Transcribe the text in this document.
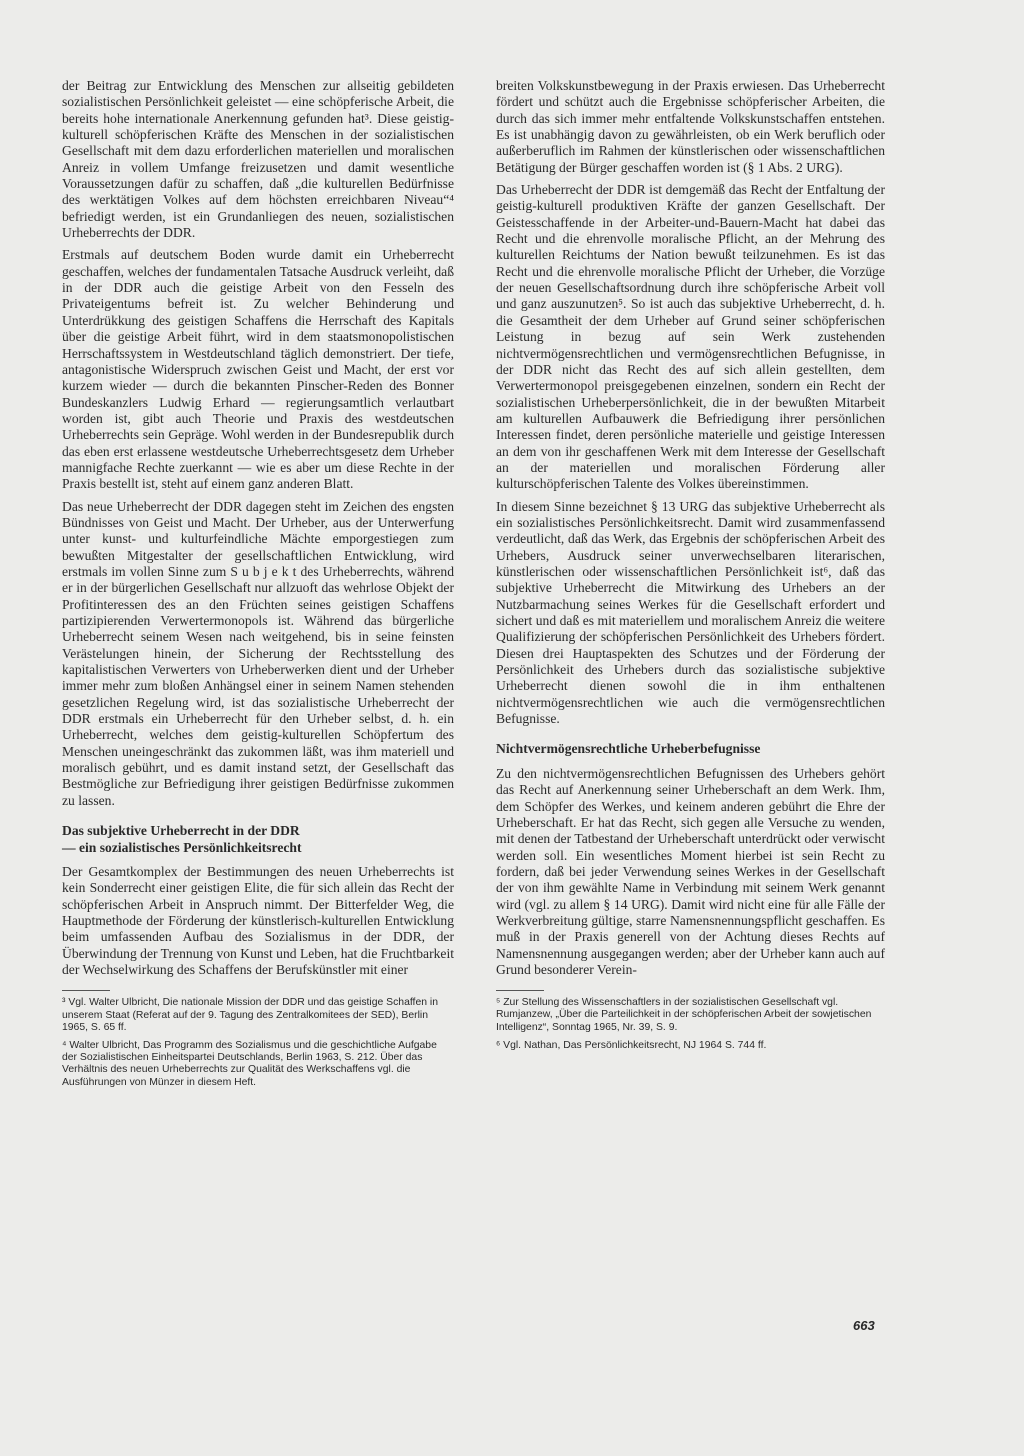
der Beitrag zur Entwicklung des Menschen zur allseitig gebildeten sozialistischen Persönlichkeit geleistet — eine schöpferische Arbeit, die bereits hohe internationale Anerkennung gefunden hat³. Diese geistig-kulturell schöpferischen Kräfte des Menschen in der sozialistischen Gesellschaft mit dem dazu erforderlichen materiellen und moralischen Anreiz in vollem Umfange freizusetzen und damit wesentliche Voraussetzungen dafür zu schaffen, daß „die kulturellen Bedürfnisse des werktätigen Volkes auf dem höchsten erreichbaren Niveau“⁴ befriedigt werden, ist ein Grundanliegen des neuen, sozialistischen Urheberrechts der DDR.

Erstmals auf deutschem Boden wurde damit ein Urheberrecht geschaffen, welches der fundamentalen Tatsache Ausdruck verleiht, daß in der DDR auch die geistige Arbeit von den Fesseln des Privateigentums befreit ist. Zu welcher Behinderung und Unterdrükkung des geistigen Schaffens die Herrschaft des Kapitals über die geistige Arbeit führt, wird in dem staatsmonopolistischen Herrschaftssystem in Westdeutschland täglich demonstriert. Der tiefe, antagonistische Widerspruch zwischen Geist und Macht, der erst vor kurzem wieder — durch die bekannten Pinscher-Reden des Bonner Bundeskanzlers Ludwig Erhard — regierungsamtlich verlautbart worden ist, gibt auch Theorie und Praxis des westdeutschen Urheberrechts sein Gepräge. Wohl werden in der Bundesrepublik durch das eben erst erlassene westdeutsche Urheberrechtsgesetz dem Urheber mannigfache Rechte zuerkannt — wie es aber um diese Rechte in der Praxis bestellt ist, steht auf einem ganz anderen Blatt.

Das neue Urheberrecht der DDR dagegen steht im Zeichen des engsten Bündnisses von Geist und Macht. Der Urheber, aus der Unterwerfung unter kunst- und kulturfeindliche Mächte emporgestiegen zum bewußten Mitgestalter der gesellschaftlichen Entwicklung, wird erstmals im vollen Sinne zum S u b j e k t des Urheberrechts, während er in der bürgerlichen Gesellschaft nur allzuoft das wehrlose Objekt der Profitinteressen des an den Früchten seines geistigen Schaffens partizipierenden Verwertermonopols ist. Während das bürgerliche Urheberrecht seinem Wesen nach weitgehend, bis in seine feinsten Verästelungen hinein, der Sicherung der Rechtsstellung des kapitalistischen Verwerters von Urheberwerken dient und der Urheber immer mehr zum bloßen Anhängsel einer in seinem Namen stehenden gesetzlichen Regelung wird, ist das sozialistische Urheberrecht der DDR erstmals ein Urheberrecht für den Urheber selbst, d. h. ein Urheberrecht, welches dem geistig-kulturellen Schöpfertum des Menschen uneingeschränkt das zukommen läßt, was ihm materiell und moralisch gebührt, und es damit instand setzt, der Gesellschaft das Bestmögliche zur Befriedigung ihrer geistigen Bedürfnisse zukommen zu lassen.

Das subjektive Urheberrecht in der DDR
— ein sozialistisches Persönlichkeitsrecht

Der Gesamtkomplex der Bestimmungen des neuen Urheberrechts ist kein Sonderrecht einer geistigen Elite, die für sich allein das Recht der schöpferischen Arbeit in Anspruch nimmt. Der Bitterfelder Weg, die Hauptmethode der Förderung der künstlerisch-kulturellen Entwicklung beim umfassenden Aufbau des Sozialismus in der DDR, der Überwindung der Trennung von Kunst und Leben, hat die Fruchtbarkeit der Wechselwirkung des Schaffens der Berufskünstler mit einer

³ Vgl. Walter Ulbricht, Die nationale Mission der DDR und das geistige Schaffen in unserem Staat (Referat auf der 9. Tagung des Zentralkomitees der SED), Berlin 1965, S. 65 ff.

⁴ Walter Ulbricht, Das Programm des Sozialismus und die geschichtliche Aufgabe der Sozialistischen Einheitspartei Deutschlands, Berlin 1963, S. 212. Über das Verhältnis des neuen Urheberrechts zur Qualität des Werkschaffens vgl. die Ausführungen von Münzer in diesem Heft.

breiten Volkskunstbewegung in der Praxis erwiesen. Das Urheberrecht fördert und schützt auch die Ergebnisse schöpferischer Arbeiten, die durch das sich immer mehr entfaltende Volkskunstschaffen entstehen. Es ist unabhängig davon zu gewährleisten, ob ein Werk beruflich oder außerberuflich im Rahmen der künstlerischen oder wissenschaftlichen Betätigung der Bürger geschaffen worden ist (§ 1 Abs. 2 URG).

Das Urheberrecht der DDR ist demgemäß das Recht der Entfaltung der geistig-kulturell produktiven Kräfte der ganzen Gesellschaft. Der Geistesschaffende in der Arbeiter-und-Bauern-Macht hat dabei das Recht und die ehrenvolle moralische Pflicht, an der Mehrung des kulturellen Reichtums der Nation bewußt teilzunehmen. Es ist das Recht und die ehrenvolle moralische Pflicht der Urheber, die Vorzüge der neuen Gesellschaftsordnung durch ihre schöpferische Arbeit voll und ganz auszunutzen⁵. So ist auch das subjektive Urheberrecht, d. h. die Gesamtheit der dem Urheber auf Grund seiner schöpferischen Leistung in bezug auf sein Werk zustehenden nichtvermögensrechtlichen und vermögensrechtlichen Befugnisse, in der DDR nicht das Recht des auf sich allein gestellten, dem Verwertermonopol preisgegebenen einzelnen, sondern ein Recht der sozialistischen Urheberpersönlichkeit, die in der bewußten Mitarbeit am kulturellen Aufbauwerk die Befriedigung ihrer persönlichen Interessen findet, deren persönliche materielle und geistige Interessen an dem von ihr geschaffenen Werk mit dem Interesse der Gesellschaft an der materiellen und moralischen Förderung aller kulturschöpferischen Talente des Volkes übereinstimmen.

In diesem Sinne bezeichnet § 13 URG das subjektive Urheberrecht als ein sozialistisches Persönlichkeitsrecht. Damit wird zusammenfassend verdeutlicht, daß das Werk, das Ergebnis der schöpferischen Arbeit des Urhebers, Ausdruck seiner unverwechselbaren literarischen, künstlerischen oder wissenschaftlichen Persönlichkeit ist⁶, daß das subjektive Urheberrecht die Mitwirkung des Urhebers an der Nutzbarmachung seines Werkes für die Gesellschaft erfordert und sichert und daß es mit materiellem und moralischem Anreiz die weitere Qualifizierung der schöpferischen Persönlichkeit des Urhebers fördert. Diesen drei Hauptaspekten des Schutzes und der Förderung der Persönlichkeit des Urhebers durch das sozialistische subjektive Urheberrecht dienen sowohl die in ihm enthaltenen nichtvermögensrechtlichen wie auch die vermögensrechtlichen Befugnisse.

Nichtvermögensrechtliche Urheberbefugnisse

Zu den nichtvermögensrechtlichen Befugnissen des Urhebers gehört das Recht auf Anerkennung seiner Urheberschaft an dem Werk. Ihm, dem Schöpfer des Werkes, und keinem anderen gebührt die Ehre der Urheberschaft. Er hat das Recht, sich gegen alle Versuche zu wenden, mit denen der Tatbestand der Urheberschaft unterdrückt oder verwischt werden soll. Ein wesentliches Moment hierbei ist sein Recht zu fordern, daß bei jeder Verwendung seines Werkes in der Gesellschaft der von ihm gewählte Name in Verbindung mit seinem Werk genannt wird (vgl. zu allem § 14 URG). Damit wird nicht eine für alle Fälle der Werkverbreitung gültige, starre Namensnennungspflicht geschaffen. Es muß in der Praxis generell von der Achtung dieses Rechts auf Namensnennung ausgegangen werden; aber der Urheber kann auch auf Grund besonderer Verein-

⁵ Zur Stellung des Wissenschaftlers in der sozialistischen Gesellschaft vgl. Rumjanzew, „Über die Parteilichkeit in der schöpferischen Arbeit der sowjetischen Intelligenz“, Sonntag 1965, Nr. 39, S. 9.

⁶ Vgl. Nathan, Das Persönlichkeitsrecht, NJ 1964 S. 744 ff.

663
